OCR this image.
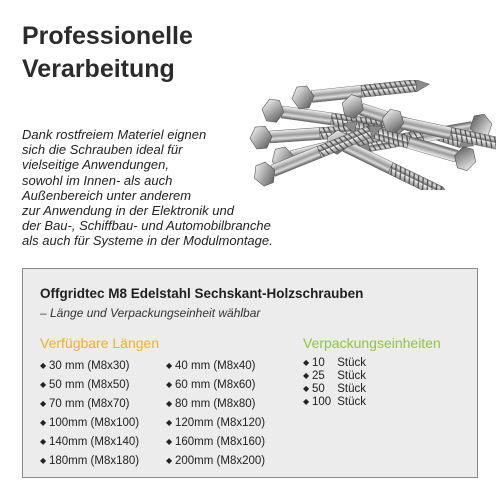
Professionelle
Verarbeitung
Dank rostfreiem Materiel eignen
sich die Schrauben ideal für
vielseitige Anwendungen,
sowohl im Innen- als auch
Außenbereich unter anderem
zur Anwendung in der Elektronik und
der Bau-, Schiffbau- und Automobilbranche
als auch für Systeme in der Modulmontage.
Offgridtec M8 Edelstahl Sechskant-Holzschrauben
– Länge und Verpackungseinheit wählbar
Verfügbare Längen	Verpackungseinheiten
◆ 30 mm (M8x30)
◆ 50 mm (M8x50)
◆ 70 mm (M8x70)
◆ 100mm (M8x100)
◆ 140mm (M8x140)
◆ 180mm (M8x180)
◆ 40 mm (M8x40)
◆ 60 mm (M8x60)
◆ 80 mm (M8x80)
◆ 120mm (M8x120)
◆ 160mm (M8x160)
◆ 200mm (M8x200)
◆ 10 Stück
◆ 25 Stück
◆ 50 Stück
◆ 100 Stück
